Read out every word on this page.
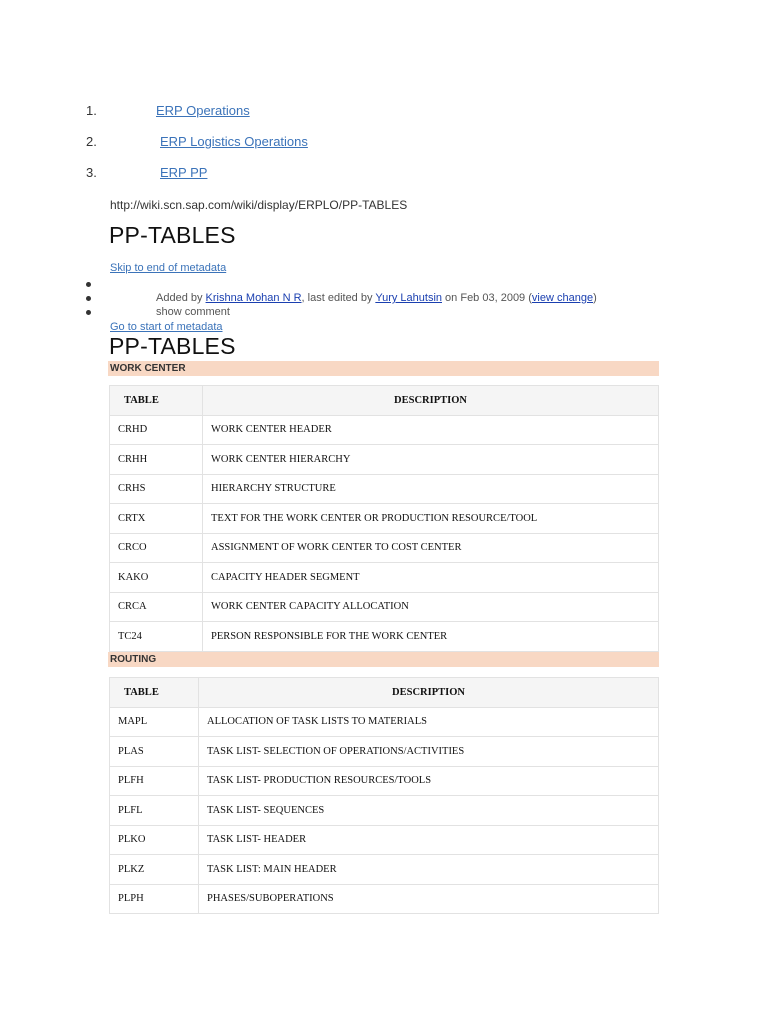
1.	ERP Operations
2.	ERP Logistics Operations
3.	ERP PP
http://wiki.scn.sap.com/wiki/display/ERPLO/PP-TABLES
PP-TABLES
Skip to end of metadata
Added by Krishna Mohan N R, last edited by Yury Lahutsin on Feb 03, 2009 (view change)
show comment
Go to start of metadata
PP-TABLES
WORK CENTER
TABLE	DESCRIPTION
CRHD	WORK CENTER HEADER
CRHH	WORK CENTER HIERARCHY
CRHS	HIERARCHY STRUCTURE
CRTX	TEXT FOR THE WORK CENTER OR PRODUCTION RESOURCE/TOOL
CRCO	ASSIGNMENT OF WORK CENTER TO COST CENTER
KAKO	CAPACITY HEADER SEGMENT
CRCA	WORK CENTER CAPACITY ALLOCATION
TC24	PERSON RESPONSIBLE FOR THE WORK CENTER
ROUTING
TABLE	DESCRIPTION
MAPL	ALLOCATION OF TASK LISTS TO MATERIALS
PLAS	TASK LIST- SELECTION OF OPERATIONS/ACTIVITIES
PLFH	TASK LIST- PRODUCTION RESOURCES/TOOLS
PLFL	TASK LIST- SEQUENCES
PLKO	TASK LIST- HEADER
PLKZ	TASK LIST: MAIN HEADER
PLPH	PHASES/SUBOPERATIONS
